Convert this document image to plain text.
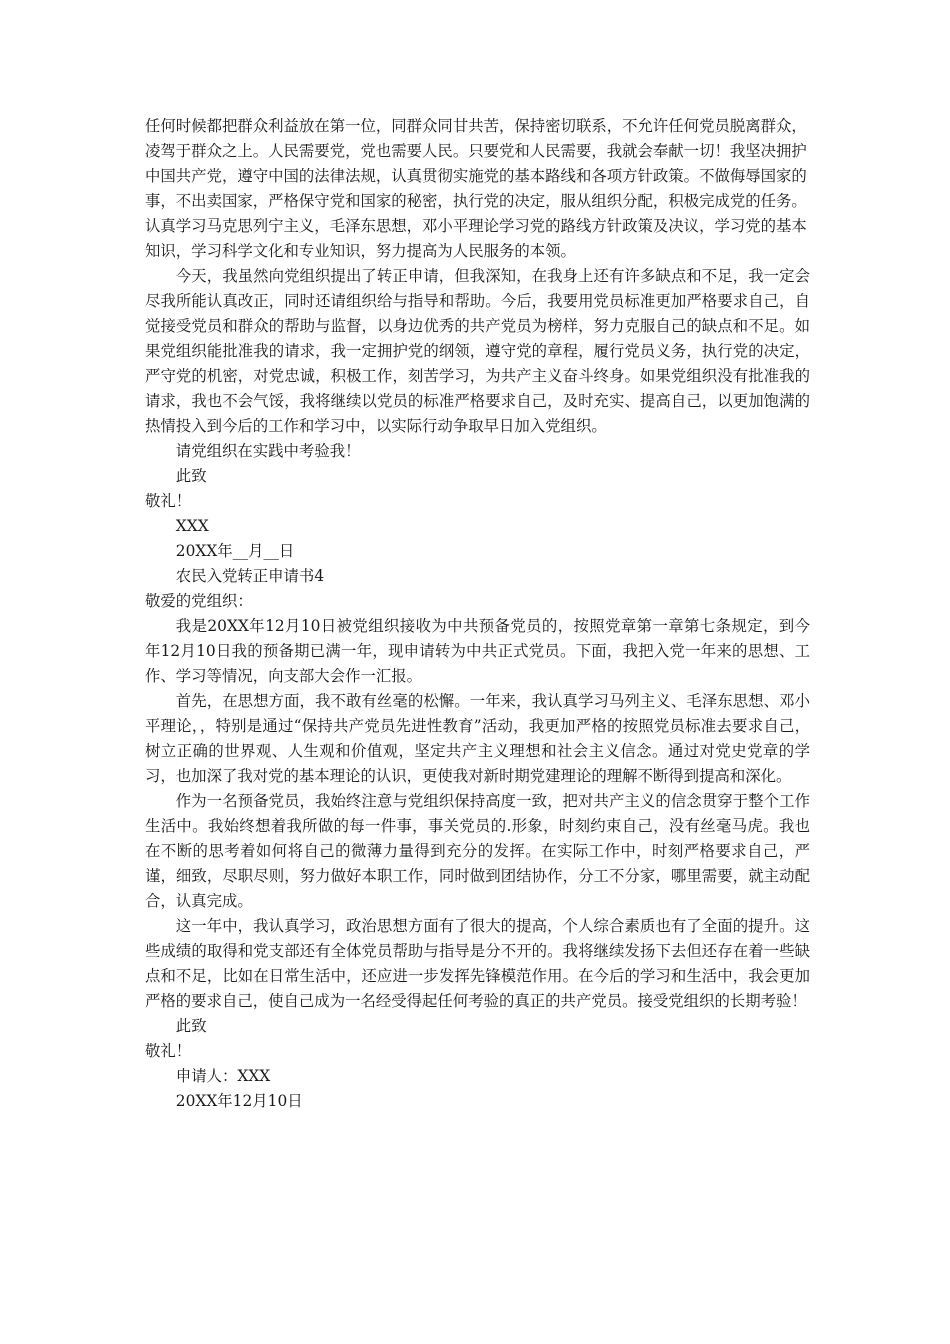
任何时候都把群众利益放在第一位，同群众同甘共苦，保持密切联系，不允许任何党员脱离群众，凌驾于群众之上。人民需要党，党也需要人民。只要党和人民需要，我就会奉献一切！我坚决拥护中国共产党，遵守中国的法律法规，认真贯彻实施党的基本路线和各项方针政策。不做侮辱国家的事，不出卖国家，严格保守党和国家的秘密，执行党的决定，服从组织分配，积极完成党的任务。认真学习马克思列宁主义，毛泽东思想，邓小平理论学习党的路线方针政策及决议，学习党的基本知识，学习科学文化和专业知识，努力提高为人民服务的本领。

今天，我虽然向党组织提出了转正申请，但我深知，在我身上还有许多缺点和不足，我一定会尽我所能认真改正，同时还请组织给与指导和帮助。今后，我要用党员标准更加严格要求自己，自觉接受党员和群众的帮助与监督，以身边优秀的共产党员为榜样，努力克服自己的缺点和不足。如果党组织能批准我的请求，我一定拥护党的纲领，遵守党的章程，履行党员义务，执行党的决定，严守党的机密，对党忠诚，积极工作，刻苦学习，为共产主义奋斗终身。如果党组织没有批准我的请求，我也不会气馁，我将继续以党员的标准严格要求自己，及时充实、提高自己，以更加饱满的热情投入到今后的工作和学习中，以实际行动争取早日加入党组织。

请党组织在实践中考验我！

此致

敬礼！

XXX

20XX年__月__日

农民入党转正申请书4

敬爱的党组织：

我是20XX年12月10日被党组织接收为中共预备党员的，按照党章第一章第七条规定，到今年12月10日我的预备期已满一年，现申请转为中共正式党员。下面，我把入党一年来的思想、工作、学习等情况，向支部大会作一汇报。

首先，在思想方面，我不敢有丝毫的松懈。一年来，我认真学习马列主义、毛泽东思想、邓小平理论，，特别是通过“保持共产党员先进性教育”活动，我更加严格的按照党员标准去要求自己，树立正确的世界观、人生观和价值观，坚定共产主义理想和社会主义信念。通过对党史党章的学习，也加深了我对党的基本理论的认识，更使我对新时期党建理论的理解不断得到提高和深化。

作为一名预备党员，我始终注意与党组织保持高度一致，把对共产主义的信念贯穿于整个工作生活中。我始终想着我所做的每一件事，事关党员的.形象，时刻约束自己，没有丝毫马虎。我也在不断的思考着如何将自己的微薄力量得到充分的发挥。在实际工作中，时刻严格要求自己，严谨，细致，尽职尽则，努力做好本职工作，同时做到团结协作，分工不分家，哪里需要，就主动配合，认真完成。

这一年中，我认真学习，政治思想方面有了很大的提高，个人综合素质也有了全面的提升。这些成绩的取得和党支部还有全体党员帮助与指导是分不开的。我将继续发扬下去但还存在着一些缺点和不足，比如在日常生活中，还应进一步发挥先锋模范作用。在今后的学习和生活中，我会更加严格的要求自己，使自己成为一名经受得起任何考验的真正的共产党员。接受党组织的长期考验！

此致

敬礼！

申请人：XXX

20XX年12月10日
